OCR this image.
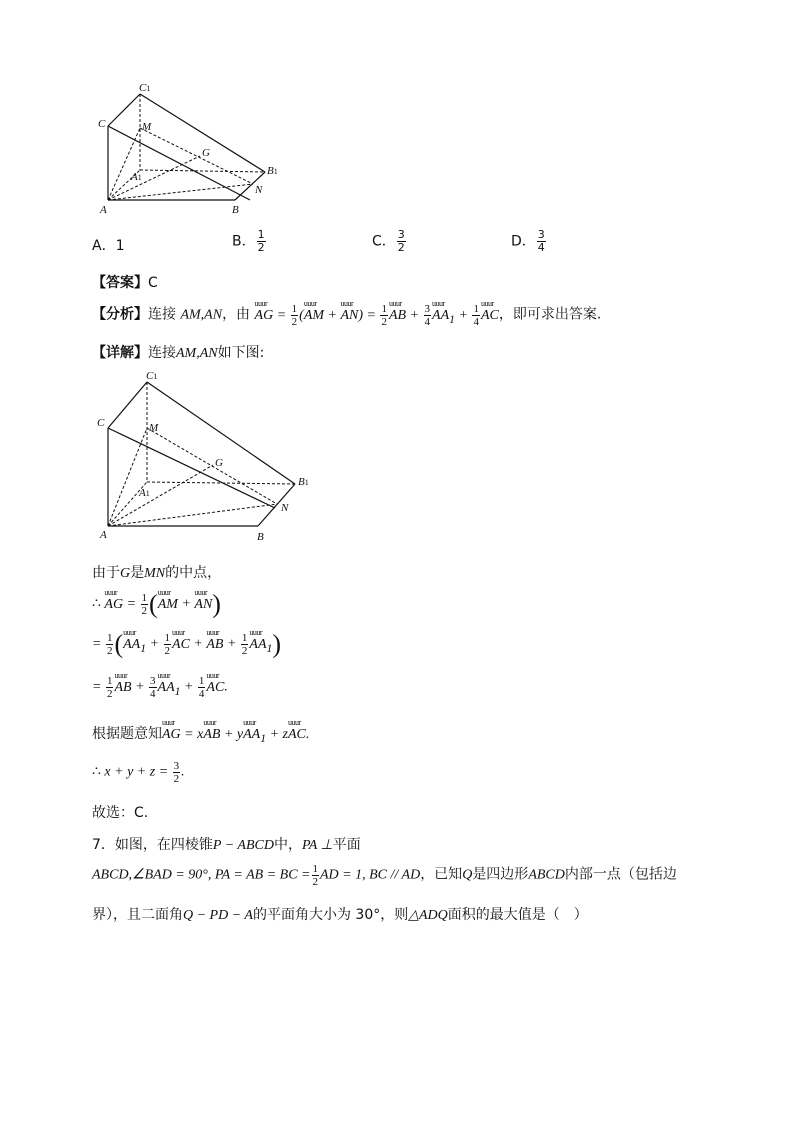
C1
C	M
G
B1
A1
N
A	B
A．1	B． $\frac{1}{2}$	C． $\frac{3}{2}$	D． $\frac{3}{4}$
【答案】C
【分析】连接 AM,AN，由 uuur AG = $\frac{1}{2}$ (uuur AM + uuur $AN) = \frac{1}{2}$ uuur AB + $\frac{3}{4}$ uuur $AA_1 + \frac{1}{4}$ uuur AC，即可求出答案.
【详解】连接AM,AN如下图:
C1
C	M
G
B1
A1
N
A	B
由于G是MN的中点，
∴ uuur AG = $\frac{1}{2}$ (uuur AM + uuur AN)
= $\frac{1}{2}$ (uuur $AA_1 + \frac{1}{2}$ uuur AC + uuur AB + $\frac{1}{2}$ uuur $AA_1$)
= $\frac{1}{2}$ uuur AB + $\frac{3}{4}$ uuur $AA_1 + \frac{1}{4}$ uuur AC.
根据题意知uuur AG = xuuur AB + yuuur $AA_1$ + zuuur AC.
∴ $x + y + z = \frac{3}{2}$ .
故选：C.
7．如图，在四棱锥P − ABCD中，PA ⊥平面
ABCD,∠BAD = 90°, PA = AB = BC = $\frac{1}{2}$ AD = 1, BC // AD，已知Q是四边形ABCD内部一点（包括边
界），且二面角Q − PD − A的平面角大小为 30°，则△ADQ面积的最大值是（　）
